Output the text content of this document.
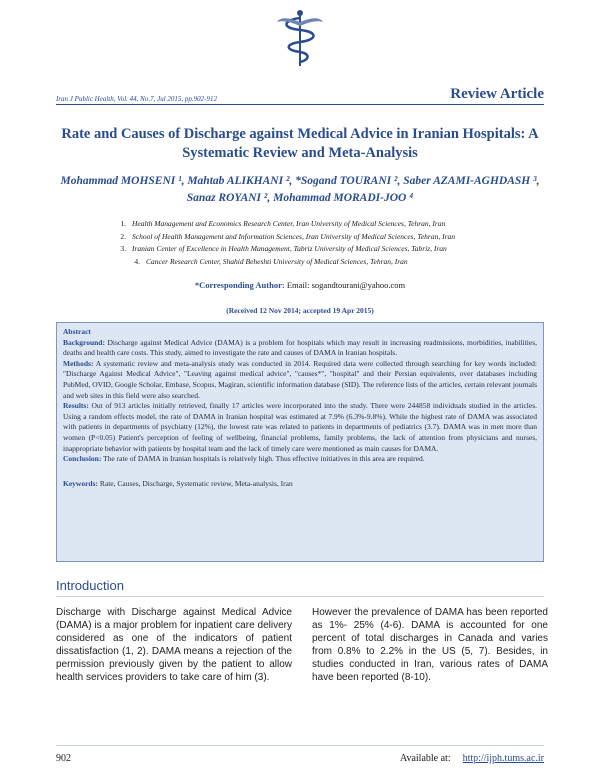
Iran J Public Health, Vol. 44, No.7, Jul 2015, pp.902-912	Review Article
Rate and Causes of Discharge against Medical Advice in Iranian Hospitals: A Systematic Review and Meta-Analysis
Mohammad MOHSENI ¹, Mahtab ALIKHANI ², *Sogand TOURANI ², Saber AZAMI-AGHDASH ³, Sanaz ROYANI ², Mohammad MORADI-JOO ⁴
1. Health Management and Economics Research Center, Iran University of Medical Sciences, Tehran, Iran
2. School of Health Management and Information Sciences, Iran University of Medical Sciences, Tehran, Iran
3. Iranian Center of Excellence in Health Management, Tabriz University of Medical Sciences, Tabriz, Iran
4. Cancer Research Center, Shahid Beheshti University of Medical Sciences, Tehran, Iran
*Corresponding Author: Email: sogandtourani@yahoo.com
(Received 12 Nov 2014; accepted 19 Apr 2015)

Abstract

Background: Discharge against Medical Advice (DAMA) is a problem for hospitals which may result in increasing readmissions, morbidities, inabilities, deaths and health care costs. This study, aimed to investigate the rate and causes of DAMA in Iranian hospitals.

Methods: A systematic review and meta-analysis study was conducted in 2014. Required data were collected through searching for key words included: "Discharge Against Medical Advice", "Leaving against medical advice", "causes*", "hospital" and their Persian equivalents, over databases including PubMed, OVID, Google Scholar, Embase, Scopus, Magiran, scientific information database (SID). The reference lists of the articles, certain relevant journals and web sites in this field were also searched.

Results: Out of 913 articles initially retrieved, finally 17 articles were incorporated into the study. There were 244858 individuals studied in the articles. Using a random effects model, the rate of DAMA in Iranian hospital was estimated at 7.9% (6.3%-9.8%). While the highest rate of DAMA was associated with patients in departments of psychiatry (12%), the lowest rate was related to patients in departments of pediatrics (3.7). DAMA was in men more than women (P<0.05) Patient's perception of feeling of wellbeing, financial problems, family problems, the lack of attention from physicians and nurses, inappropriate behavior with patients by hospital team and the lack of timely care were mentioned as main causes for DAMA.

Conclusion: The rate of DAMA in Iranian hospitals is relatively high. Thus effective initiatives in this area are required.

Keywords: Rate, Causes, Discharge, Systematic review, Meta-analysis, Iran

Introduction
Discharge with Discharge against Medical Advice (DAMA) is a major problem for inpatient care delivery considered as one of the indicators of patient dissatisfaction (1, 2). DAMA means a rejection of the permission previously given by the patient to allow health services providers to take care of him (3).
However the prevalence of DAMA has been reported as 1%- 25% (4-6). DAMA is accounted for one percent of total discharges in Canada and varies from 0.8% to 2.2% in the US (5, 7). Besides, in studies conducted in Iran, various rates of DAMA have been reported (8-10).
902	Available at: http://ijph.tums.ac.ir
